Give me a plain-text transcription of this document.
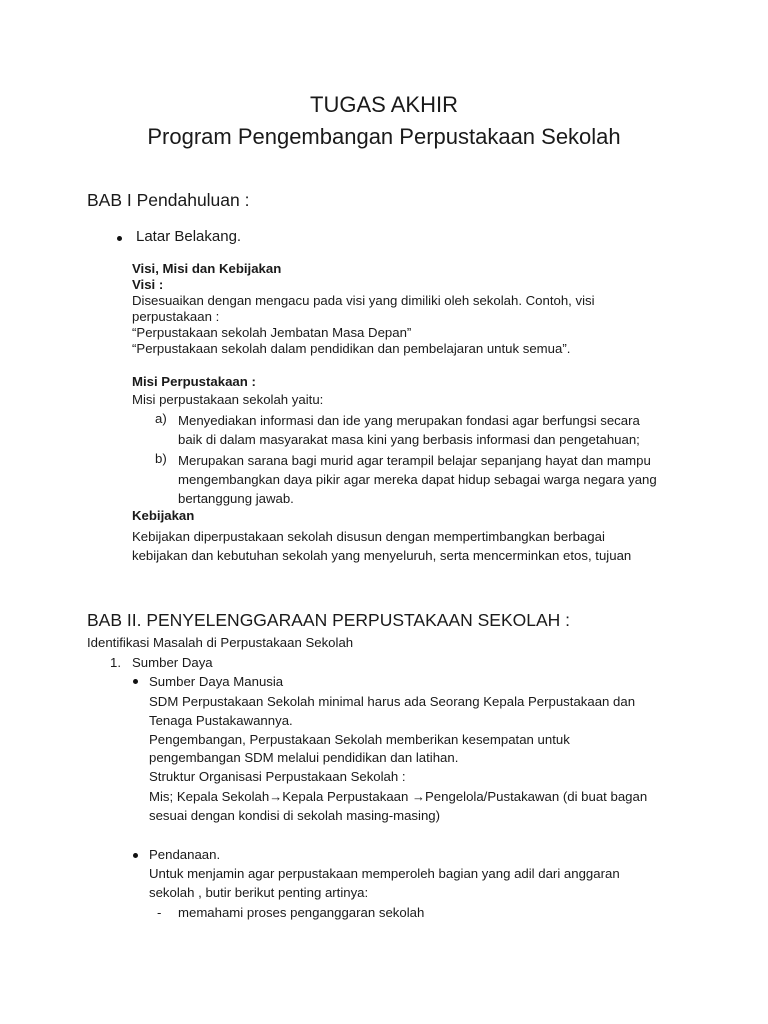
TUGAS AKHIR
Program Pengembangan Perpustakaan Sekolah
BAB I Pendahuluan :
Latar Belakang.
Visi, Misi dan Kebijakan
Visi :
Disesuaikan dengan mengacu pada visi yang dimiliki oleh sekolah. Contoh, visi
perpustakaan :
“Perpustakaan sekolah Jembatan Masa Depan”
“Perpustakaan sekolah dalam pendidikan dan pembelajaran untuk semua”.
Misi Perpustakaan :
Misi perpustakaan sekolah yaitu:
a) Menyediakan informasi dan ide yang merupakan fondasi agar berfungsi secara
baik di dalam masyarakat masa kini yang berbasis informasi dan pengetahuan;
b) Merupakan sarana bagi murid agar terampil belajar sepanjang hayat dan mampu
mengembangkan daya pikir agar mereka dapat hidup sebagai warga negara yang
bertanggung jawab.
Kebijakan
Kebijakan diperpustakaan sekolah disusun dengan mempertimbangkan berbagai
kebijakan dan kebutuhan sekolah yang menyeluruh, serta mencerminkan etos, tujuan
BAB II. PENYELENGGARAAN PERPUSTAKAAN SEKOLAH :
Identifikasi Masalah di Perpustakaan Sekolah
1. Sumber Daya
Sumber Daya Manusia
SDM Perpustakaan Sekolah minimal harus ada Seorang Kepala Perpustakaan dan
Tenaga Pustakawannya.
Pengembangan, Perpustakaan Sekolah memberikan kesempatan untuk
pengembangan SDM melalui pendidikan dan latihan.
Struktur Organisasi Perpustakaan Sekolah :
Mis; Kepala Sekolah→Kepala Perpustakaan →Pengelola/Pustakawan (di buat bagan
sesuai dengan kondisi di sekolah masing-masing)
Pendanaan.
Untuk menjamin agar perpustakaan memperoleh bagian yang adil dari anggaran
sekolah , butir berikut penting artinya:
- memahami proses penganggaran sekolah
